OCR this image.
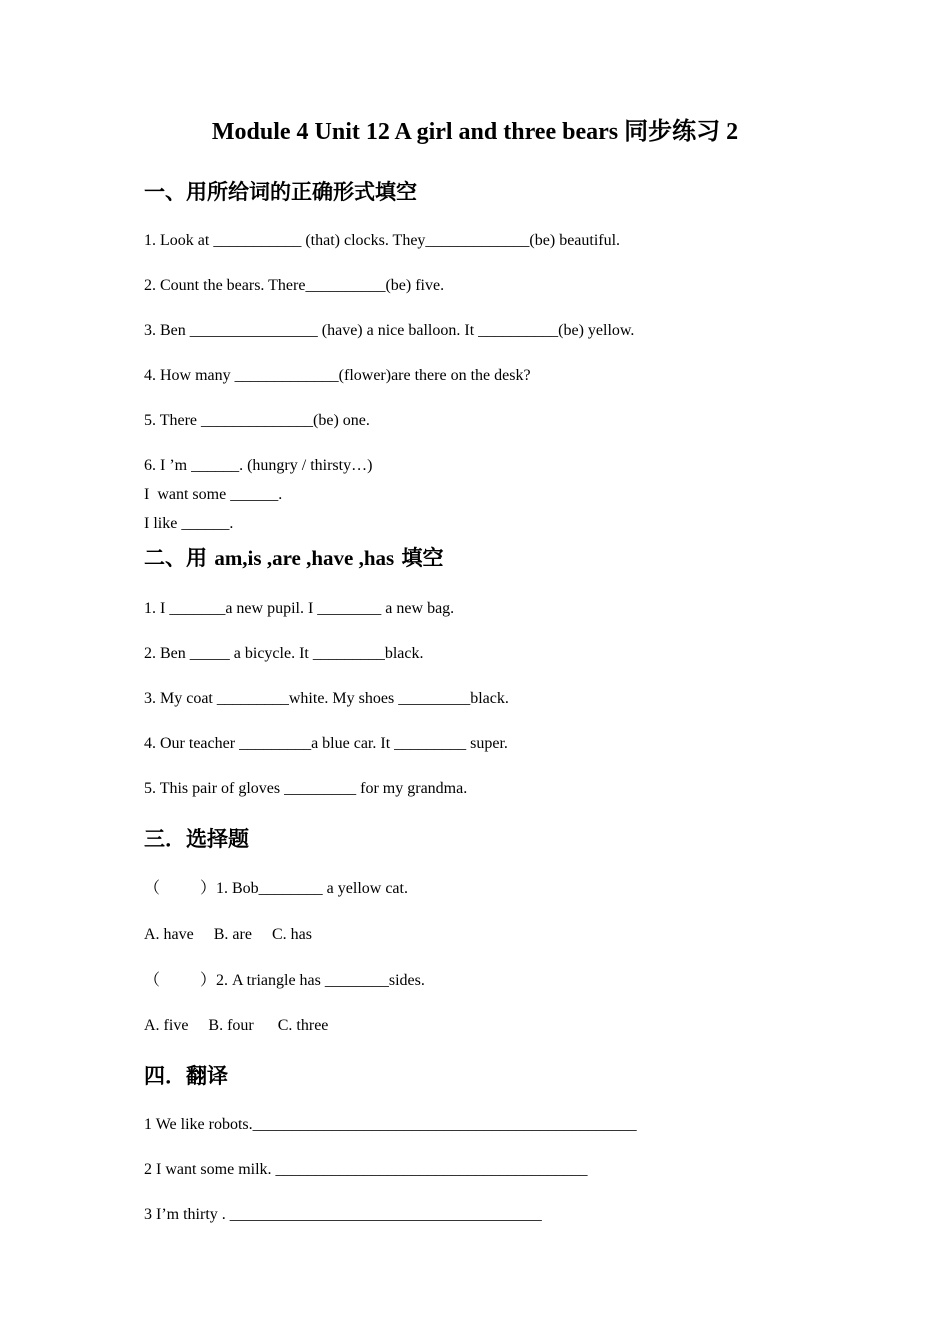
Module 4 Unit 12 A girl and three bears 同步练习 2
一、用所给词的正确形式填空
1. Look at ___________ (that) clocks. They_____________(be) beautiful.
2. Count the bears. There__________(be) five.
3. Ben ________________ (have) a nice balloon. It __________(be) yellow.
4. How many _____________(flower)are there on the desk?
5. There ______________(be) one.
6. I ’m ______. (hungry / thirsty…)
I  want some ______.
I like ______.
二、用 am,is ,are ,have ,has 填空
1. I _______a new pupil. I ________ a new bag.
2. Ben _____ a bicycle. It _________black.
3. My coat _________white. My shoes _________black.
4. Our teacher _________a blue car. It _________ super.
5. This pair of gloves _________ for my grandma.
三．选择题
（          ）1. Bob________ a yellow cat.
A. have     B. are     C. has
（          ）2. A triangle has ________sides.
A. five     B. four      C. three
四．翻译
1 We like robots.________________________________________________
2 I want some milk. _______________________________________
3 I’m thirty . _______________________________________
